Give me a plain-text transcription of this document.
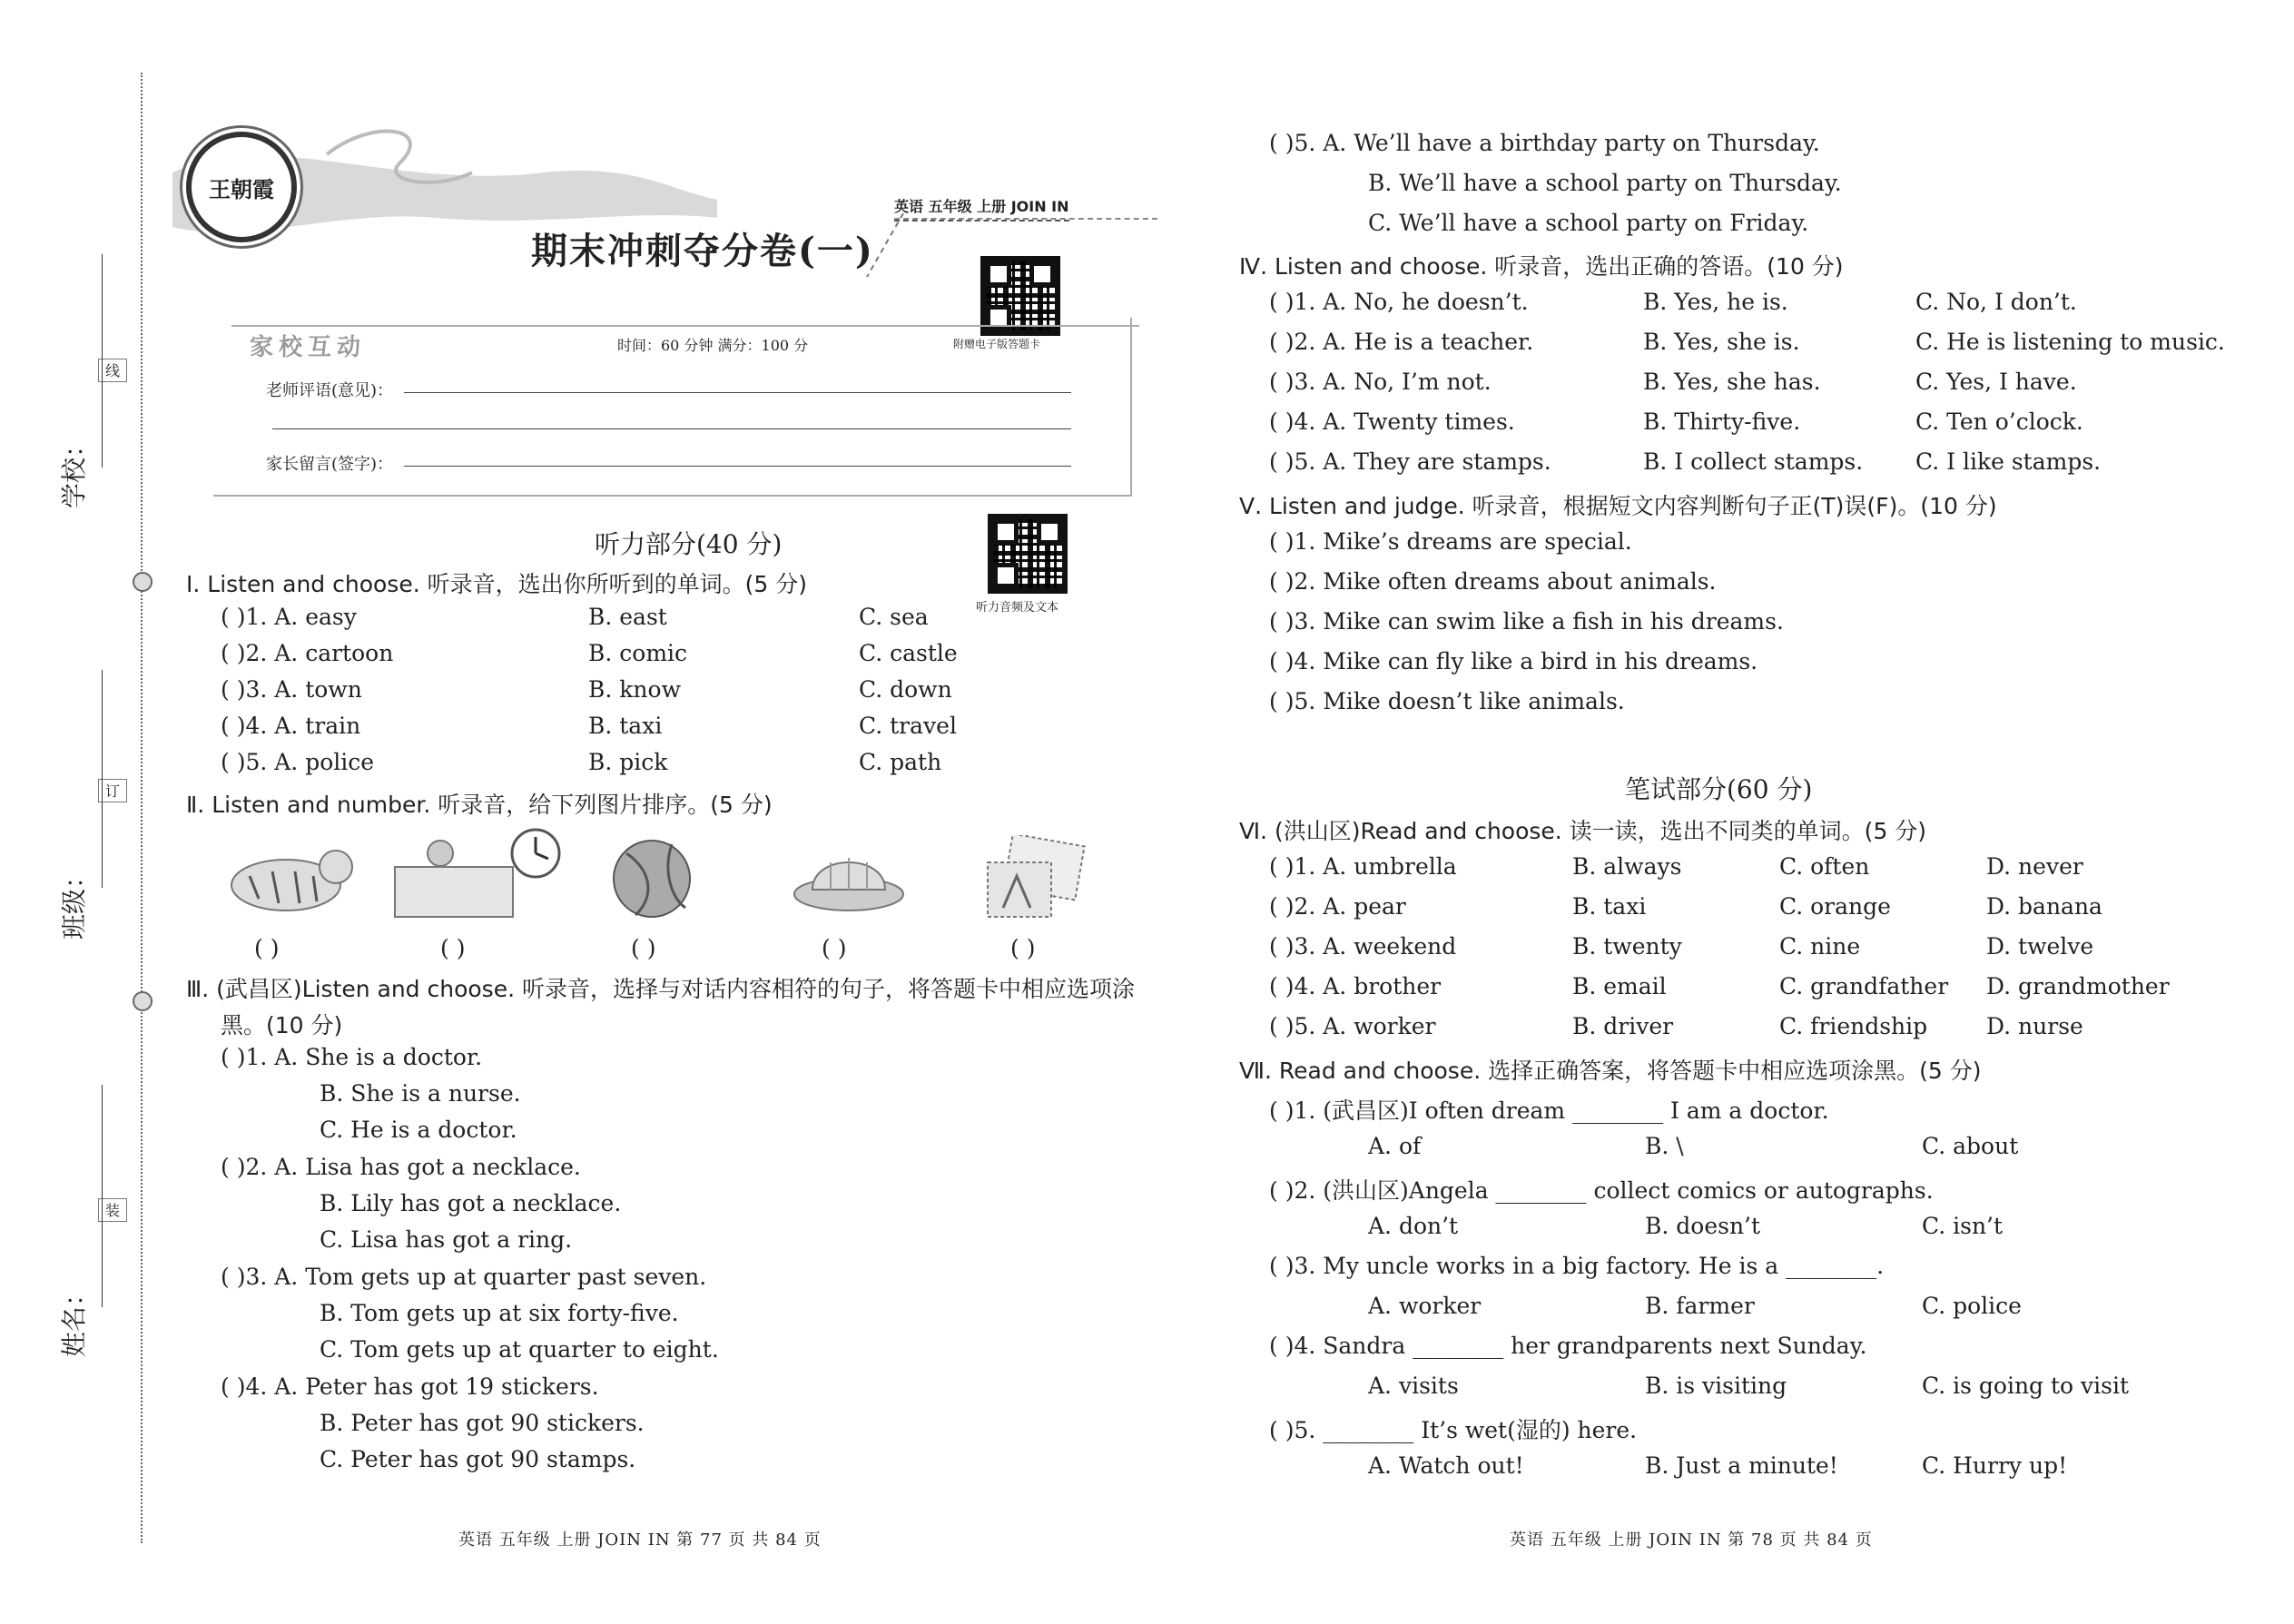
线
订
装
学校：
班级：
姓名：
王朝霞
英语 五年级 上册 JOIN IN
期末冲刺夺分卷(一)
附赠电子版答题卡
家校互动	时间：60 分钟 满分：100 分
老师评语(意见)：
家长留言(签字)：
听力音频及文本
听力部分(40 分)
Ⅰ. Listen and choose. 听录音，选出你所听到的单词。(5 分)
( )1. A. easy	B. east	C. sea
( )2. A. cartoon	B. comic	C. castle
( )3. A. town	B. know	C. down
( )4. A. train	B. taxi	C. travel
( )5. A. police	B. pick	C. path
Ⅱ. Listen and number. 听录音，给下列图片排序。(5 分)
( )	( )	( )	( )	( )
Ⅲ. (武昌区)Listen and choose. 听录音，选择与对话内容相符的句子，将答题卡中相应选项涂
黑。(10 分)
( )1. A. She is a doctor.
B. She is a nurse.
C. He is a doctor.
( )2. A. Lisa has got a necklace.
B. Lily has got a necklace.
C. Lisa has got a ring.
( )3. A. Tom gets up at quarter past seven.
B. Tom gets up at six forty-five.
C. Tom gets up at quarter to eight.
( )4. A. Peter has got 19 stickers.
B. Peter has got 90 stickers.
C. Peter has got 90 stamps.
英语 五年级 上册 JOIN IN 第 77 页 共 84 页
( )5. A. We’ll have a birthday party on Thursday.
B. We’ll have a school party on Thursday.
C. We’ll have a school party on Friday.
Ⅳ. Listen and choose. 听录音，选出正确的答语。(10 分)
( )1. A. No, he doesn’t.	B. Yes, he is.	C. No, I don’t.
( )2. A. He is a teacher.	B. Yes, she is.	C. He is listening to music.
( )3. A. No, I’m not.	B. Yes, she has.	C. Yes, I have.
( )4. A. Twenty times.	B. Thirty-five.	C. Ten o’clock.
( )5. A. They are stamps.	B. I collect stamps. C. I like stamps.
Ⅴ. Listen and judge. 听录音，根据短文内容判断句子正(T)误(F)。(10 分)
( )1. Mike’s dreams are special.
( )2. Mike often dreams about animals.
( )3. Mike can swim like a fish in his dreams.
( )4. Mike can fly like a bird in his dreams.
( )5. Mike doesn’t like animals.
笔试部分(60 分)
Ⅵ. (洪山区)Read and choose. 读一读，选出不同类的单词。(5 分)
( )1. A. umbrella	B. always	C. often	D. never
( )2. A. pear	B. taxi	C. orange	D. banana
( )3. A. weekend	B. twenty	C. nine	D. twelve
( )4. A. brother	B. email	C. grandfather D. grandmother
( )5. A. worker	B. driver	C. friendship	D. nurse
Ⅶ. Read and choose. 选择正确答案，将答题卡中相应选项涂黑。(5 分)
( )1. (武昌区)I often dream ________ I am a doctor.
A. of	B. \	C. about
( )2. (洪山区)Angela ________ collect comics or autographs.
A. don’t	B. doesn’t	C. isn’t
( )3. My uncle works in a big factory. He is a ________.
A. worker	B. farmer	C. police
( )4. Sandra ________ her grandparents next Sunday.
A. visits	B. is visiting	C. is going to visit
( )5. ________ It’s wet(湿的) here.
A. Watch out!	B. Just a minute!	C. Hurry up!
英语 五年级 上册 JOIN IN 第 78 页 共 84 页
